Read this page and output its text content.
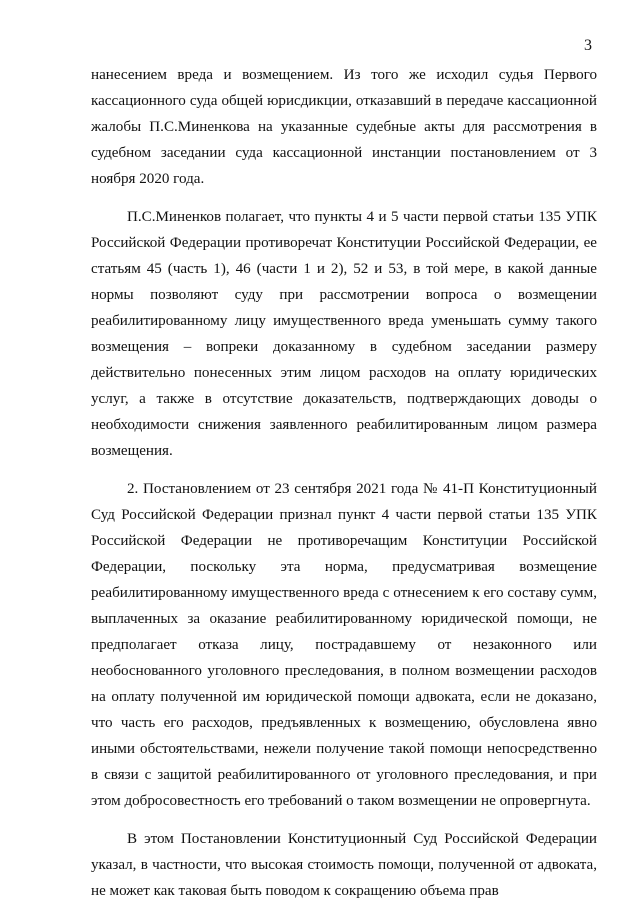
3

нанесением вреда и возмещением. Из того же исходил судья Первого кассационного суда общей юрисдикции, отказавший в передаче кассационной жалобы П.С.Миненкова на указанные судебные акты для рассмотрения в судебном заседании суда кассационной инстанции постановлением от 3 ноября 2020 года.

П.С.Миненков полагает, что пункты 4 и 5 части первой статьи 135 УПК Российской Федерации противоречат Конституции Российской Федерации, ее статьям 45 (часть 1), 46 (части 1 и 2), 52 и 53, в той мере, в какой данные нормы позволяют суду при рассмотрении вопроса о возмещении реабилитированному лицу имущественного вреда уменьшать сумму такого возмещения – вопреки доказанному в судебном заседании размеру действительно понесенных этим лицом расходов на оплату юридических услуг, а также в отсутствие доказательств, подтверждающих доводы о необходимости снижения заявленного реабилитированным лицом размера возмещения.

2. Постановлением от 23 сентября 2021 года № 41-П Конституционный Суд Российской Федерации признал пункт 4 части первой статьи 135 УПК Российской Федерации не противоречащим Конституции Российской Федерации, поскольку эта норма, предусматривая возмещение реабилитированному имущественного вреда с отнесением к его составу сумм, выплаченных за оказание реабилитированному юридической помощи, не предполагает отказа лицу, пострадавшему от незаконного или необоснованного уголовного преследования, в полном возмещении расходов на оплату полученной им юридической помощи адвоката, если не доказано, что часть его расходов, предъявленных к возмещению, обусловлена явно иными обстоятельствами, нежели получение такой помощи непосредственно в связи с защитой реабилитированного от уголовного преследования, и при этом добросовестность его требований о таком возмещении не опровергнута.

В этом Постановлении Конституционный Суд Российской Федерации указал, в частности, что высокая стоимость помощи, полученной от адвоката, не может как таковая быть поводом к сокращению объема прав
